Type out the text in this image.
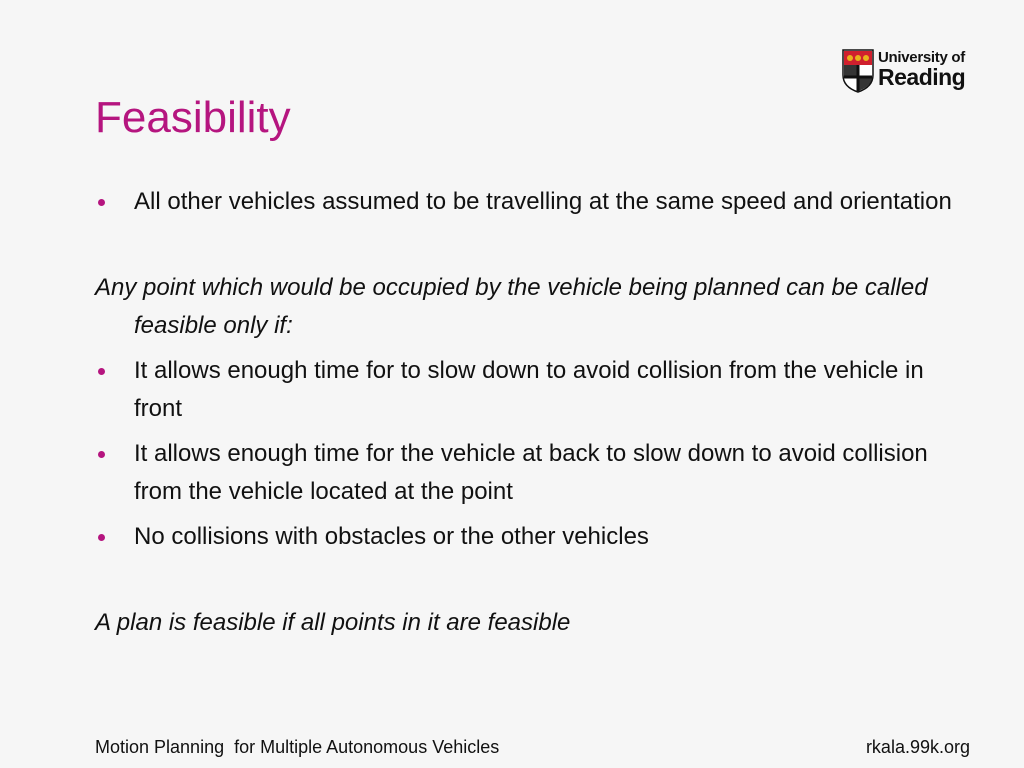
University of
Reading
Feasibility

All other vehicles assumed to be travelling at the same speed and orientation

Any point which would be occupied by the vehicle being planned can be called feasible only if:

It allows enough time for to slow down to avoid collision from the vehicle in front

It allows enough time for the vehicle at back to slow down to avoid collision from the vehicle located at the point

No collisions with obstacles or the other vehicles

A plan is feasible if all points in it are feasible

Motion Planning  for Multiple Autonomous Vehicles	rkala.99k.org
